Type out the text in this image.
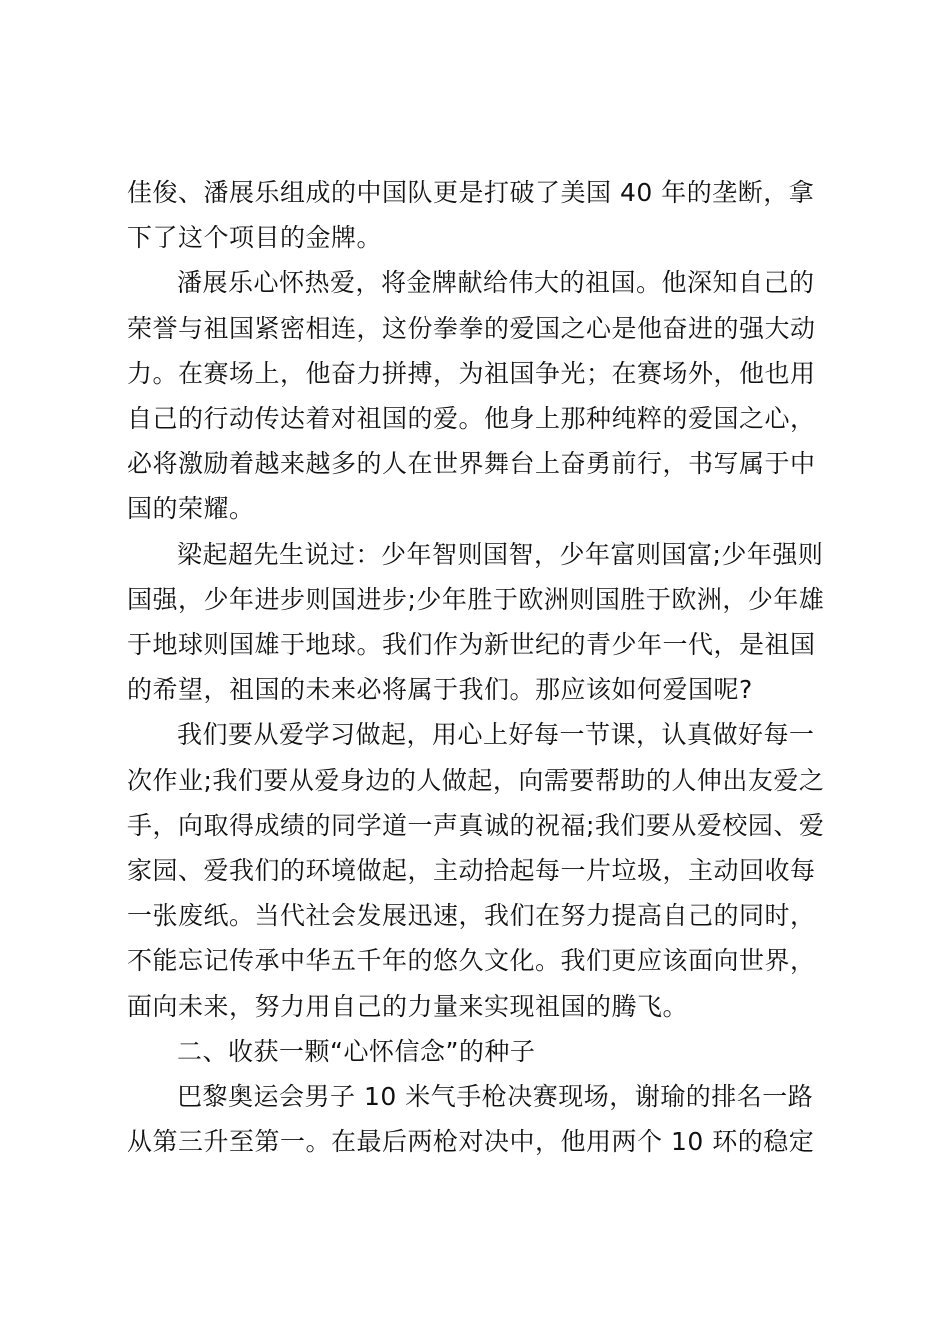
佳俊、潘展乐组成的中国队更是打破了美国 40 年的垄断，拿
下了这个项目的金牌。

潘展乐心怀热爱，将金牌献给伟大的祖国。他深知自己的
荣誉与祖国紧密相连，这份拳拳的爱国之心是他奋进的强大动
力。在赛场上，他奋力拼搏，为祖国争光；在赛场外，他也用
自己的行动传达着对祖国的爱。他身上那种纯粹的爱国之心，
必将激励着越来越多的人在世界舞台上奋勇前行，书写属于中
国的荣耀。

梁起超先生说过：少年智则国智，少年富则国富;少年强则
国强，少年进步则国进步;少年胜于欧洲则国胜于欧洲，少年雄
于地球则国雄于地球。我们作为新世纪的青少年一代，是祖国
的希望，祖国的未来必将属于我们。那应该如何爱国呢?

我们要从爱学习做起，用心上好每一节课，认真做好每一
次作业;我们要从爱身边的人做起，向需要帮助的人伸出友爱之
手，向取得成绩的同学道一声真诚的祝福;我们要从爱校园、爱
家园、爱我们的环境做起，主动拾起每一片垃圾，主动回收每
一张废纸。当代社会发展迅速，我们在努力提高自己的同时，
不能忘记传承中华五千年的悠久文化。我们更应该面向世界，
面向未来，努力用自己的力量来实现祖国的腾飞。

二、收获一颗“心怀信念”的种子

巴黎奥运会男子 10 米气手枪决赛现场，谢瑜的排名一路
从第三升至第一。在最后两枪对决中，他用两个 10 环的稳定
